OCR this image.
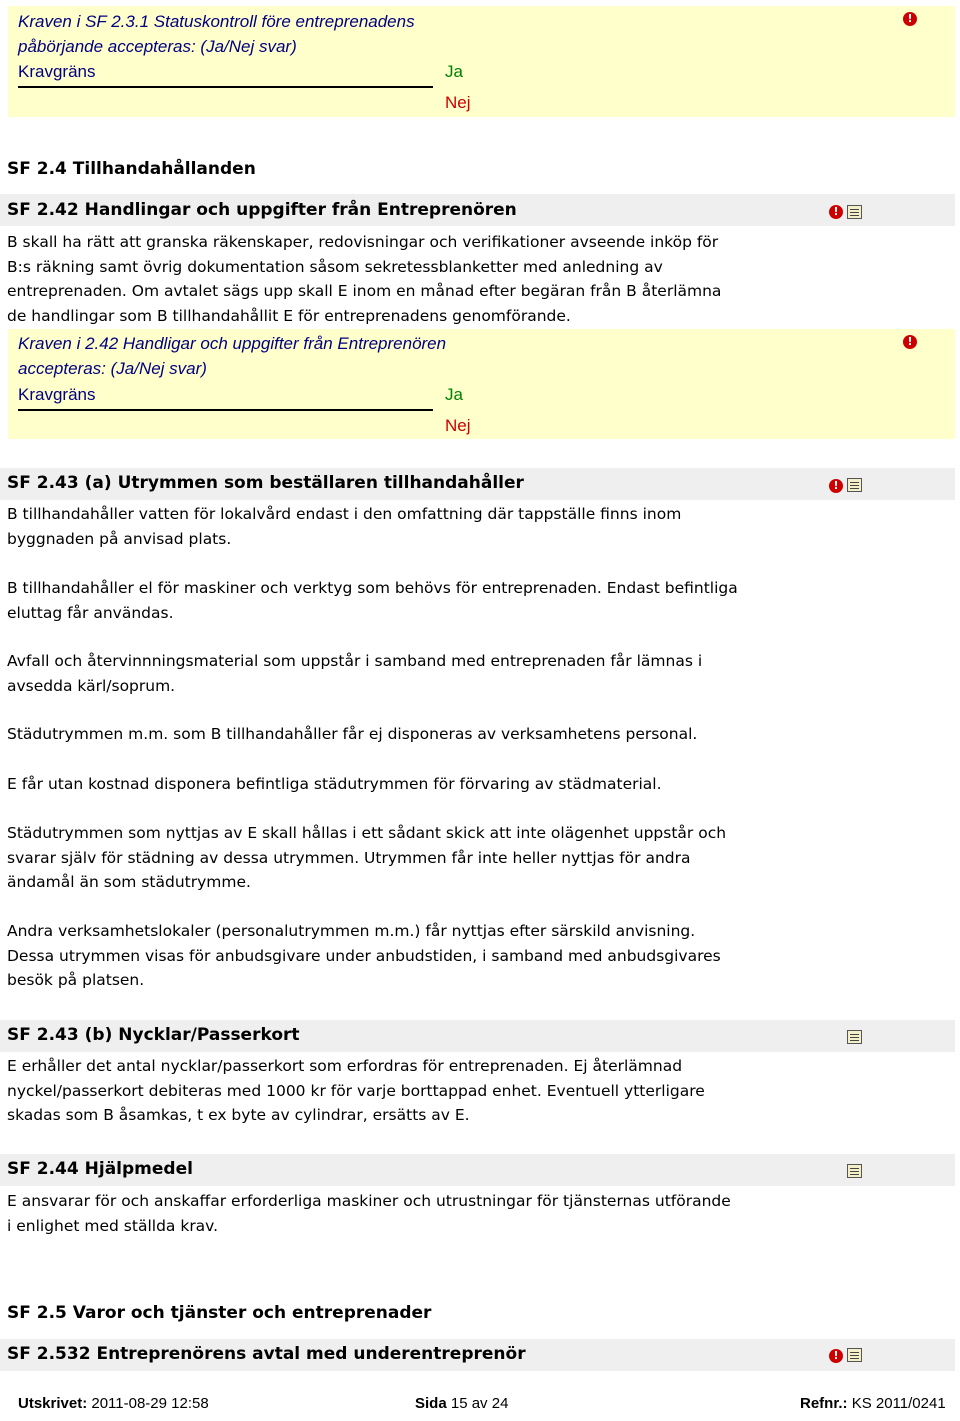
Kraven i SF 2.3.1 Statuskontroll före entreprenadens
påbörjande accepteras: (Ja/Nej svar)
Kravgräns	Ja
Nej
!
SF 2.4 Tillhandahållanden
SF 2.42 Handlingar och uppgifter från Entreprenören	!
B skall ha rätt att granska räkenskaper, redovisningar och verifikationer avseende inköp för
B:s räkning samt övrig dokumentation såsom sekretessblanketter med anledning av
entreprenaden. Om avtalet sägs upp skall E inom en månad efter begäran från B återlämna
de handlingar som B tillhandahållit E för entreprenadens genomförande.
Kraven i 2.42 Handligar och uppgifter från Entreprenören
accepteras: (Ja/Nej svar)
Kravgräns	Ja
Nej
!
SF 2.43 (a) Utrymmen som beställaren tillhandahåller	!
B tillhandahåller vatten för lokalvård endast i den omfattning där tappställe finns inom
byggnaden på anvisad plats.
B tillhandahåller el för maskiner och verktyg som behövs för entreprenaden. Endast befintliga
eluttag får användas.
Avfall och återvinnningsmaterial som uppstår i samband med entreprenaden får lämnas i
avsedda kärl/soprum.
Städutrymmen m.m. som B tillhandahåller får ej disponeras av verksamhetens personal.
E får utan kostnad disponera befintliga städutrymmen för förvaring av städmaterial.
Städutrymmen som nyttjas av E skall hållas i ett sådant skick att inte olägenhet uppstår och
svarar själv för städning av dessa utrymmen. Utrymmen får inte heller nyttjas för andra
ändamål än som städutrymme.
Andra verksamhetslokaler (personalutrymmen m.m.) får nyttjas efter särskild anvisning.
Dessa utrymmen visas för anbudsgivare under anbudstiden, i samband med anbudsgivares
besök på platsen.
SF 2.43 (b) Nycklar/Passerkort
E erhåller det antal nycklar/passerkort som erfordras för entreprenaden. Ej återlämnad
nyckel/passerkort debiteras med 1000 kr för varje borttappad enhet. Eventuell ytterligare
skadas som B åsamkas, t ex byte av cylindrar, ersätts av E.
SF 2.44 Hjälpmedel
E ansvarar för och anskaffar erforderliga maskiner och utrustningar för tjänsternas utförande
i enlighet med ställda krav.
SF 2.5 Varor och tjänster och entreprenader
SF 2.532 Entreprenörens avtal med underentreprenör	!
Utskrivet: 2011-08-29 12:58	Sida 15 av 24	Refnr.: KS 2011/0241
